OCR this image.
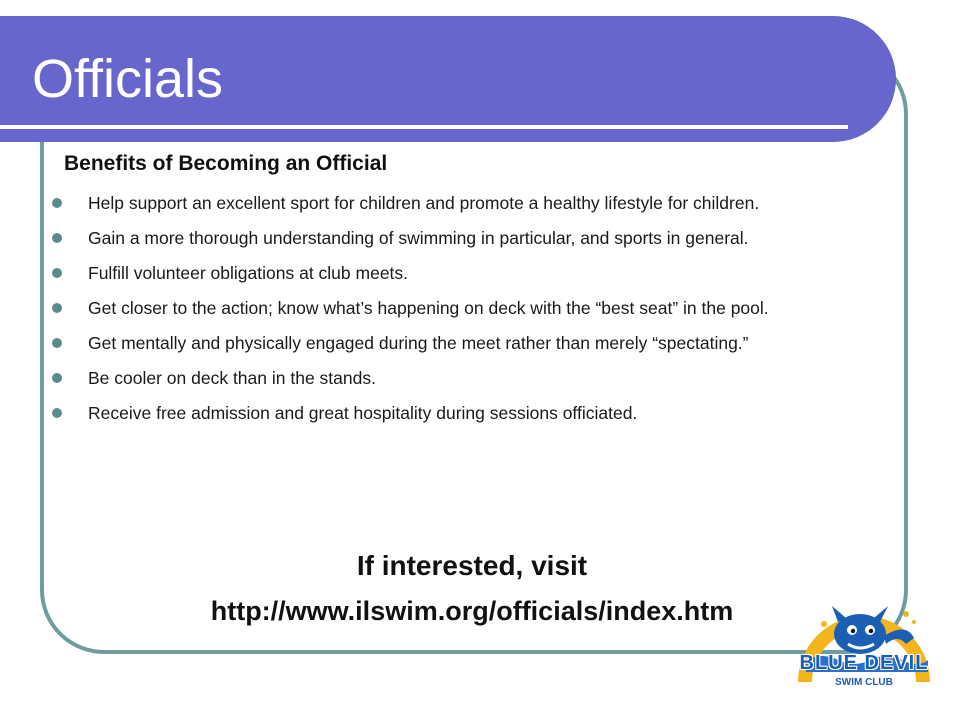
Officials
Benefits of Becoming an Official
Help support an excellent sport for children and promote a healthy lifestyle for children.
Gain a more thorough understanding of swimming in particular, and sports in general.
Fulfill volunteer obligations at club meets.
Get closer to the action; know what’s happening on deck with the “best seat” in the pool.
Get mentally and physically engaged during the meet rather than merely “spectating.”
Be cooler on deck than in the stands.
Receive free admission and great hospitality during sessions officiated.

If interested, visit

http://www.ilswim.org/officials/index.htm

BLUE DEVIL
SWIM CLUB
